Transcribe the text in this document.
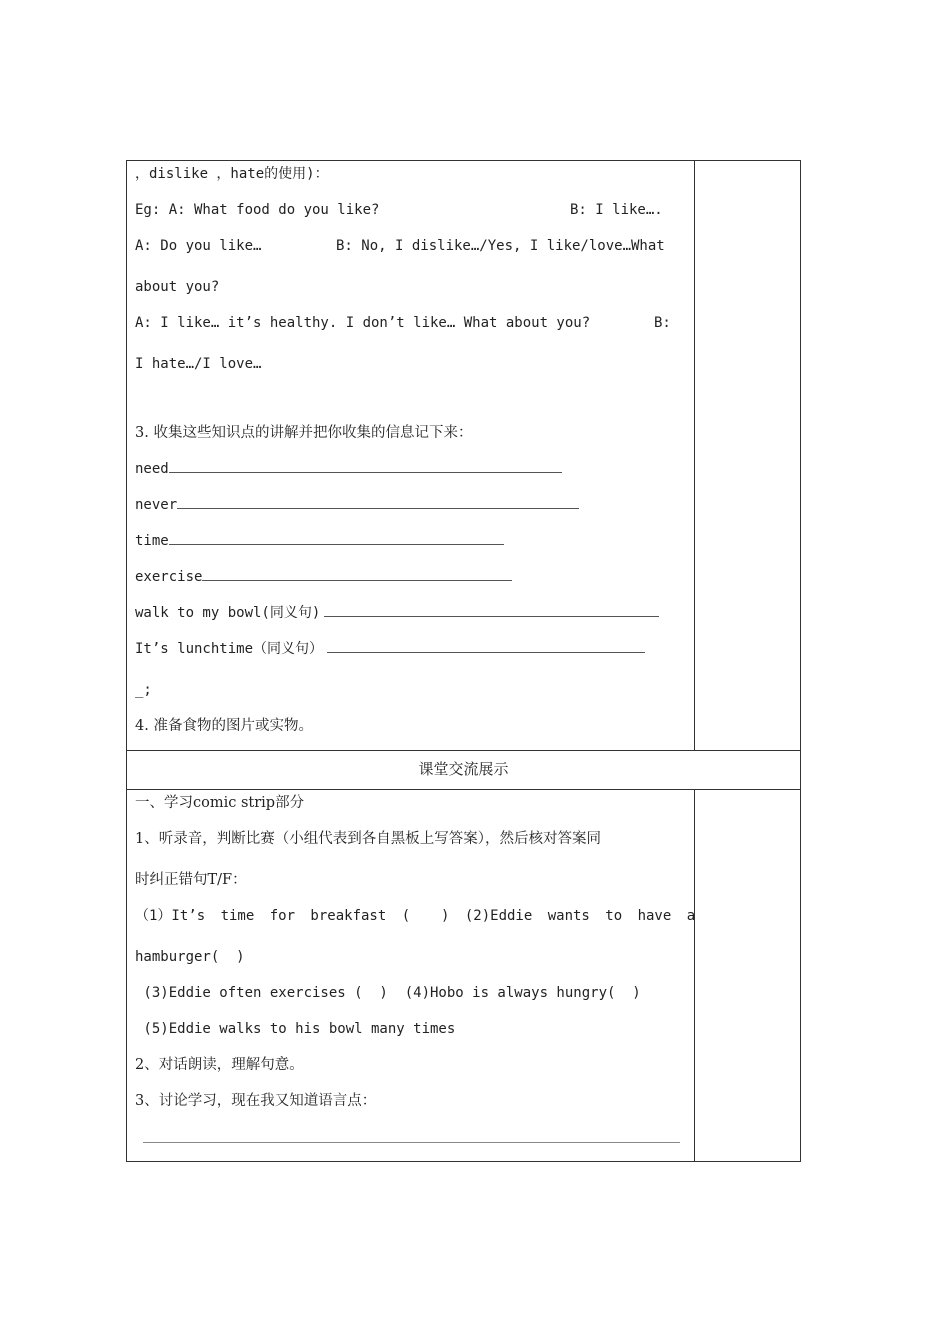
，dislike ，hate的使用)：
Eg: A: What food do you like?	B: I like….
A: Do you like…	B: No, I dislike…/Yes, I like/love…What
about you?
A: I like… it’s healthy. I don’t like… What about you?	B:
I hate…/I love…
3. 收集这些知识点的讲解并把你收集的信息记下来：
need
never
time
exercise
walk to my bowl(同义句)
It’s lunchtime（同义句）
_;
4. 准备食物的图片或实物。
课堂交流展示
一、学习comic strip部分
1、听录音，判断比赛（小组代表到各自黑板上写答案），然后核对答案同
时纠正错句T/F：
（1）It’s time for breakfast (  ) (2)Eddie wants to have a
hamburger(  )
(3)Eddie often exercises (  )  (4)Hobo is always hungry(  )
(5)Eddie walks to his bowl many times
2、对话朗读，理解句意。
3、讨论学习，现在我又知道语言点：
